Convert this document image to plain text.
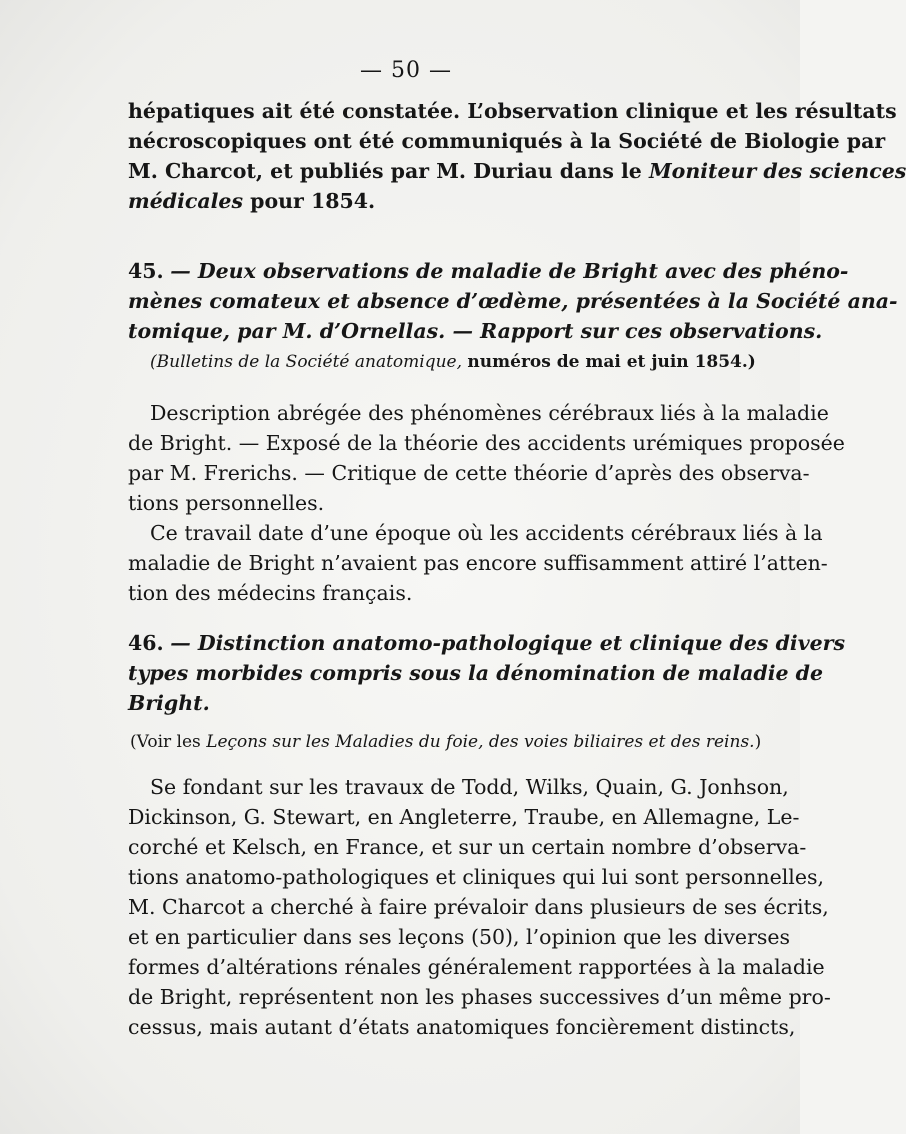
— 50 —
hépatiques ait été constatée. L’observation clinique et les résultats
nécroscopiques ont été communiqués à la Société de Biologie par
M. Charcot, et publiés par M. Duriau dans le Moniteur des sciences
médicales pour 1854.
45. — Deux observations de maladie de Bright avec des phéno-
mènes comateux et absence d’œdème, présentées à la Société ana-
tomique, par M. d’Ornellas. — Rapport sur ces observations.
(Bulletins de la Société anatomique, numéros de mai et juin 1854.)
Description abrégée des phénomènes cérébraux liés à la maladie
de Bright. — Exposé de la théorie des accidents urémiques proposée
par M. Frerichs. — Critique de cette théorie d’après des observa-
tions personnelles.
Ce travail date d’une époque où les accidents cérébraux liés à la
maladie de Bright n’avaient pas encore suffisamment attiré l’atten-
tion des médecins français.
46. — Distinction anatomo-pathologique et clinique des divers
types morbides compris sous la dénomination de maladie de
Bright.
(Voir les Leçons sur les Maladies du foie, des voies biliaires et des reins.)
Se fondant sur les travaux de Todd, Wilks, Quain, G. Jonhson,
Dickinson, G. Stewart, en Angleterre, Traube, en Allemagne, Le-
corché et Kelsch, en France, et sur un certain nombre d’observa-
tions anatomo-pathologiques et cliniques qui lui sont personnelles,
M. Charcot a cherché à faire prévaloir dans plusieurs de ses écrits,
et en particulier dans ses leçons (50), l’opinion que les diverses
formes d’altérations rénales généralement rapportées à la maladie
de Bright, représentent non les phases successives d’un même pro-
cessus, mais autant d’états anatomiques foncièrement distincts,
